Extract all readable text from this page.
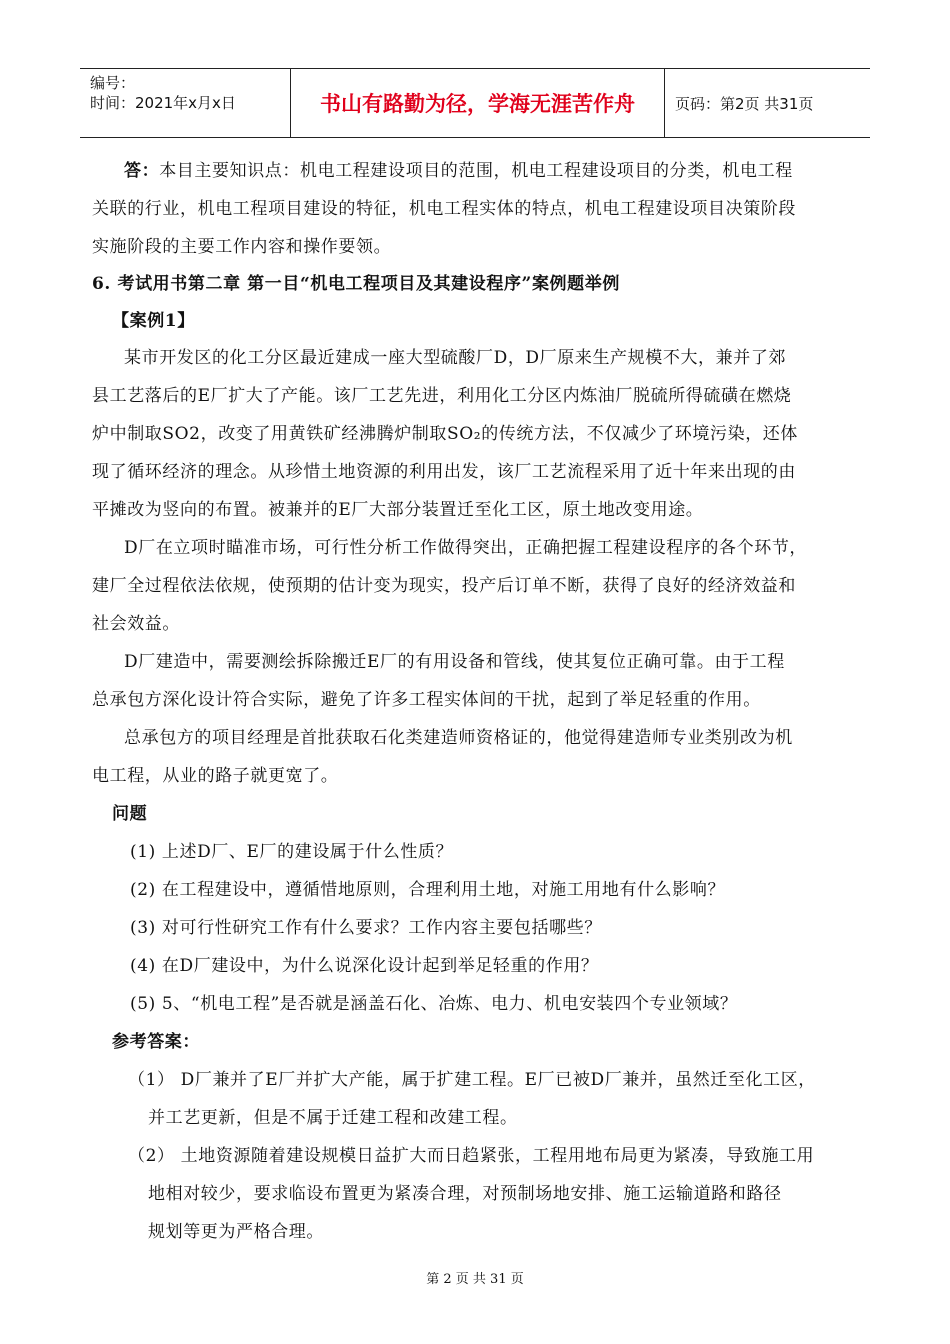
编号：
时间：2021年x月x日	书山有路勤为径，学海无涯苦作舟	页码：第2页 共31页
答：本目主要知识点：机电工程建设项目的范围，机电工程建设项目的分类，机电工程
关联的行业，机电工程项目建设的特征，机电工程实体的特点，机电工程建设项目决策阶段
实施阶段的主要工作内容和操作要领。
6. 考试用书第二章 第一目“机电工程项目及其建设程序”案例题举例
【案例1】
某市开发区的化工分区最近建成一座大型硫酸厂D，D厂原来生产规模不大，兼并了郊
县工艺落后的E厂扩大了产能。该厂工艺先进，利用化工分区内炼油厂脱硫所得硫磺在燃烧
炉中制取SO2，改变了用黄铁矿经沸腾炉制取SO₂的传统方法，不仅减少了环境污染，还体
现了循环经济的理念。从珍惜土地资源的利用出发，该厂工艺流程采用了近十年来出现的由
平摊改为竖向的布置。被兼并的E厂大部分装置迁至化工区，原土地改变用途。
D厂在立项时瞄准市场，可行性分析工作做得突出，正确把握工程建设程序的各个环节，
建厂全过程依法依规，使预期的估计变为现实，投产后订单不断，获得了良好的经济效益和
社会效益。
D厂建造中，需要测绘拆除搬迁E厂的有用设备和管线，使其复位正确可靠。由于工程
总承包方深化设计符合实际，避免了许多工程实体间的干扰，起到了举足轻重的作用。
总承包方的项目经理是首批获取石化类建造师资格证的，他觉得建造师专业类别改为机
电工程，从业的路子就更宽了。
问题
(1) 上述D厂、E厂的建设属于什么性质？
(2) 在工程建设中，遵循惜地原则，合理利用土地，对施工用地有什么影响？
(3) 对可行性研究工作有什么要求？工作内容主要包括哪些？
(4) 在D厂建设中，为什么说深化设计起到举足轻重的作用？
(5) 5、“机电工程”是否就是涵盖石化、冶炼、电力、机电安装四个专业领域？
参考答案：
（1） D厂兼并了E厂并扩大产能，属于扩建工程。E厂已被D厂兼并，虽然迁至化工区，
并工艺更新，但是不属于迁建工程和改建工程。
（2） 土地资源随着建设规模日益扩大而日趋紧张，工程用地布局更为紧凑，导致施工用
地相对较少，要求临设布置更为紧凑合理，对预制场地安排、施工运输道路和路径
规划等更为严格合理。
第 2 页 共 31 页
